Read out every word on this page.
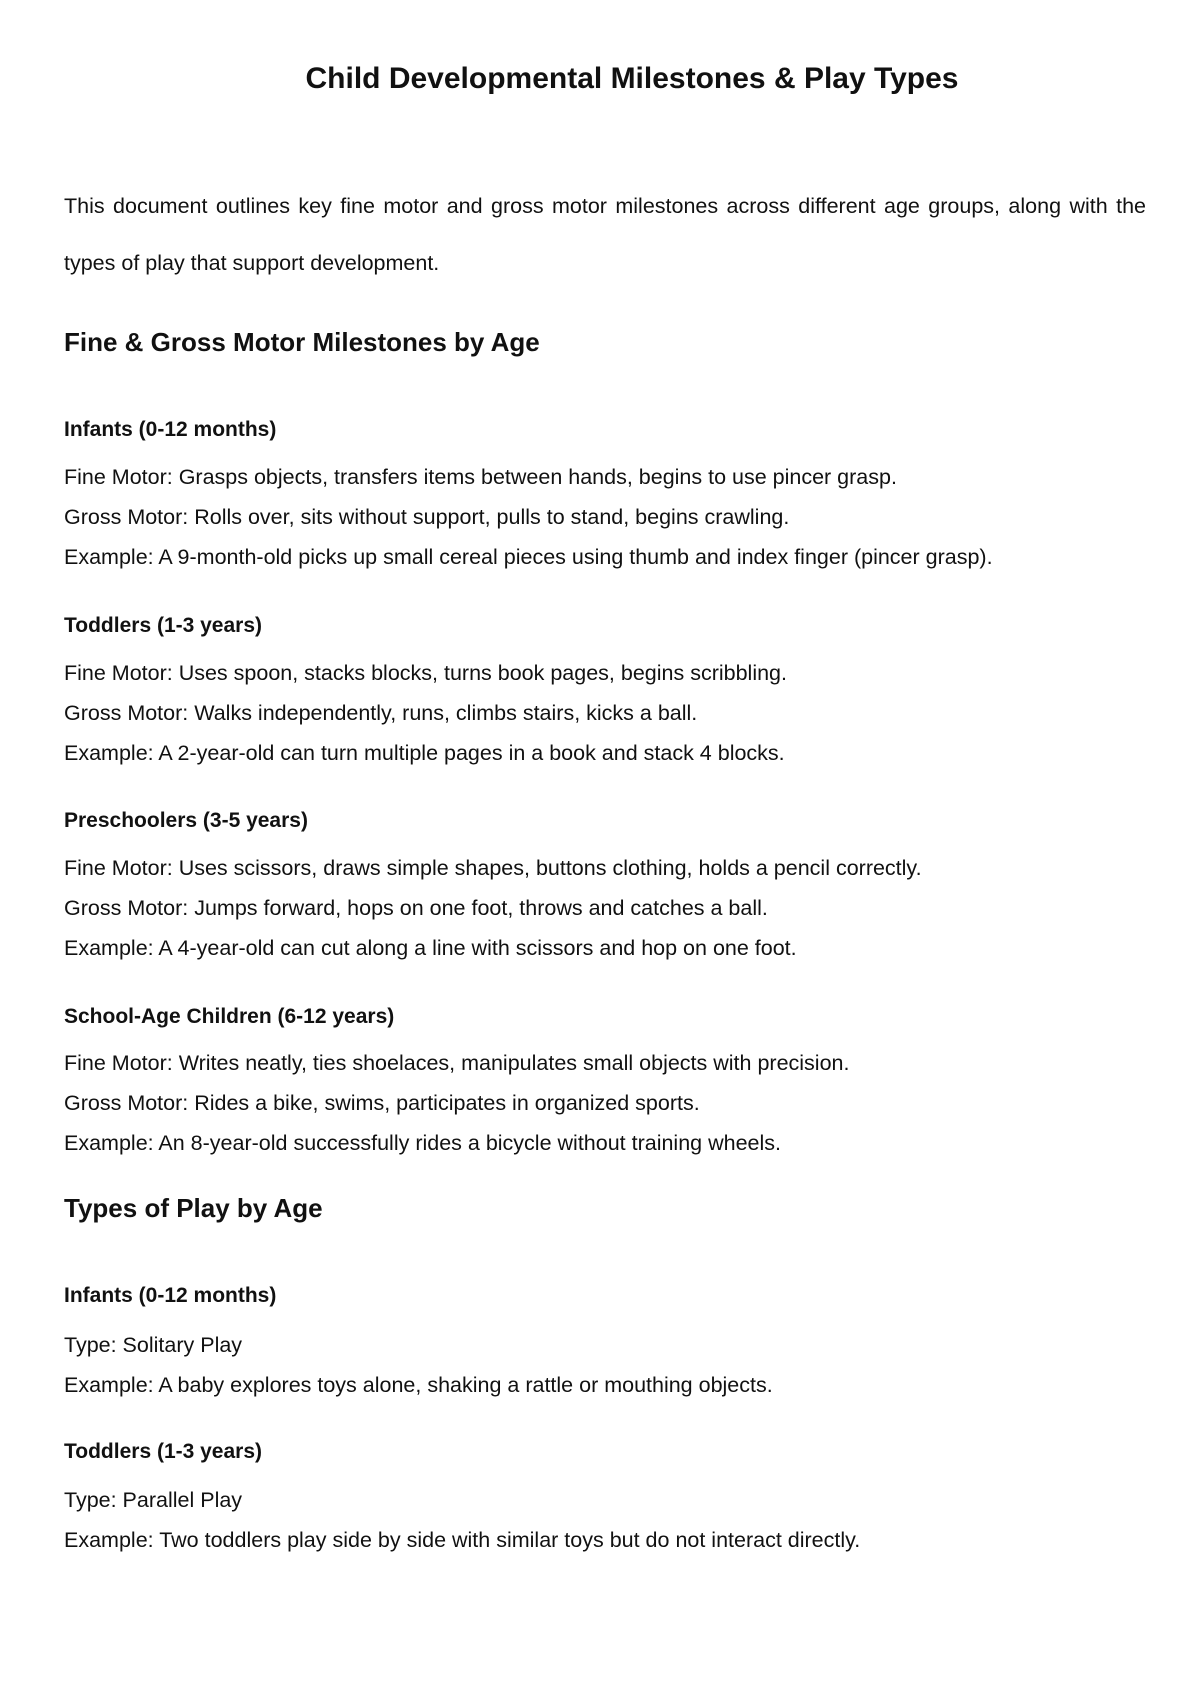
Child Developmental Milestones & Play Types

This document outlines key fine motor and gross motor milestones across different age groups, along with the types of play that support development.

Fine & Gross Motor Milestones by Age
Infants (0-12 months)

Fine Motor: Grasps objects, transfers items between hands, begins to use pincer grasp.

Gross Motor: Rolls over, sits without support, pulls to stand, begins crawling.

Example: A 9-month-old picks up small cereal pieces using thumb and index finger (pincer grasp).

Toddlers (1-3 years)

Fine Motor: Uses spoon, stacks blocks, turns book pages, begins scribbling.

Gross Motor: Walks independently, runs, climbs stairs, kicks a ball.

Example: A 2-year-old can turn multiple pages in a book and stack 4 blocks.

Preschoolers (3-5 years)

Fine Motor: Uses scissors, draws simple shapes, buttons clothing, holds a pencil correctly.

Gross Motor: Jumps forward, hops on one foot, throws and catches a ball.

Example: A 4-year-old can cut along a line with scissors and hop on one foot.

School-Age Children (6-12 years)

Fine Motor: Writes neatly, ties shoelaces, manipulates small objects with precision.

Gross Motor: Rides a bike, swims, participates in organized sports.

Example: An 8-year-old successfully rides a bicycle without training wheels.

Types of Play by Age
Infants (0-12 months)

Type: Solitary Play

Example: A baby explores toys alone, shaking a rattle or mouthing objects.

Toddlers (1-3 years)

Type: Parallel Play

Example: Two toddlers play side by side with similar toys but do not interact directly.
